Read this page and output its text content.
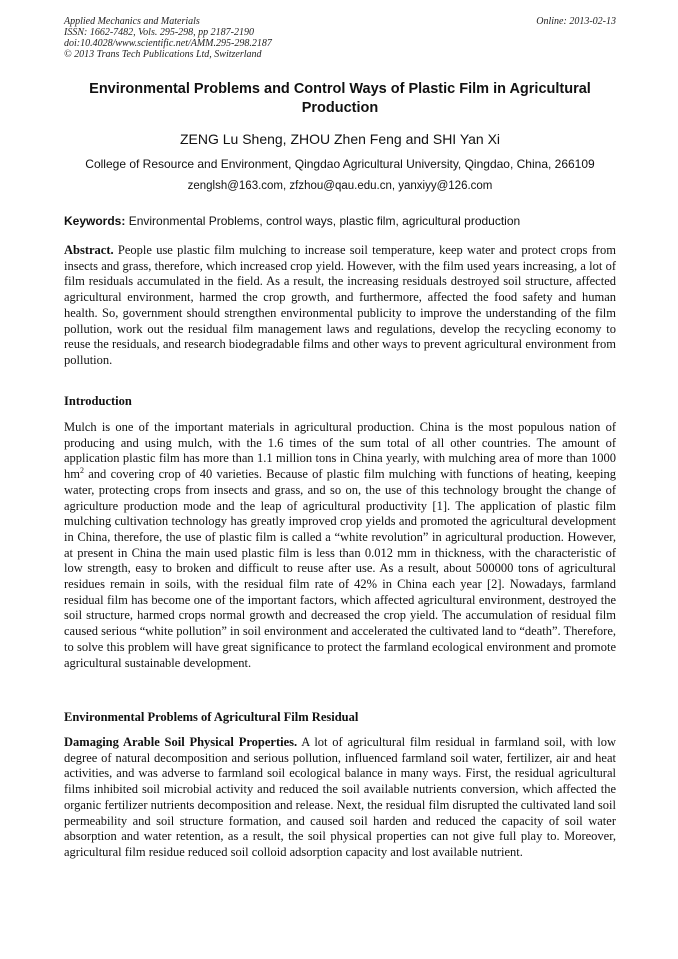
Applied Mechanics and Materials
ISSN: 1662-7482, Vols. 295-298, pp 2187-2190
doi:10.4028/www.scientific.net/AMM.295-298.2187
© 2013 Trans Tech Publications Ltd, Switzerland
Online: 2013-02-13
Environmental Problems and Control Ways of Plastic Film in Agricultural Production
ZENG Lu Sheng, ZHOU Zhen Feng and SHI Yan Xi
College of Resource and Environment, Qingdao Agricultural University, Qingdao, China, 266109
zenglsh@163.com, zfzhou@qau.edu.cn, yanxiyy@126.com
Keywords: Environmental Problems, control ways, plastic film, agricultural production
Abstract. People use plastic film mulching to increase soil temperature, keep water and protect crops from insects and grass, therefore, which increased crop yield. However, with the film used years increasing, a lot of film residuals accumulated in the field. As a result, the increasing residuals destroyed soil structure, affected agricultural environment, harmed the crop growth, and furthermore, affected the food safety and human health. So, government should strengthen environmental publicity to improve the understanding of the film pollution, work out the residual film management laws and regulations, develop the recycling economy to reuse the residuals, and research biodegradable films and other ways to prevent agricultural environment from pollution.
Introduction
Mulch is one of the important materials in agricultural production. China is the most populous nation of producing and using mulch, with the 1.6 times of the sum total of all other countries. The amount of application plastic film has more than 1.1 million tons in China yearly, with mulching area of more than 1000 $hm^2$ and covering crop of 40 varieties. Because of plastic film mulching with functions of heating, keeping water, protecting crops from insects and grass, and so on, the use of this technology brought the change of agriculture production mode and the leap of agricultural productivity [1]. The application of plastic film mulching cultivation technology has greatly improved crop yields and promoted the agricultural development in China, therefore, the use of plastic film is called a “white revolution” in agricultural production. However, at present in China the main used plastic film is less than 0.012 mm in thickness, with the characteristic of low strength, easy to broken and difficult to reuse after use. As a result, about 500000 tons of agricultural residues remain in soils, with the residual film rate of 42% in China each year [2]. Nowadays, farmland residual film has become one of the important factors, which affected agricultural environment, destroyed the soil structure, harmed crops normal growth and decreased the crop yield. The accumulation of residual film caused serious “white pollution” in soil environment and accelerated the cultivated land to “death”. Therefore, to solve this problem will have great significance to protect the farmland ecological environment and promote agricultural sustainable development.
Environmental Problems of Agricultural Film Residual
Damaging Arable Soil Physical Properties. A lot of agricultural film residual in farmland soil, with low degree of natural decomposition and serious pollution, influenced farmland soil water, fertilizer, air and heat activities, and was adverse to farmland soil ecological balance in many ways. First, the residual agricultural films inhibited soil microbial activity and reduced the soil available nutrients conversion, which affected the organic fertilizer nutrients decomposition and release. Next, the residual film disrupted the cultivated land soil permeability and soil structure formation, and caused soil harden and reduced the capacity of soil water absorption and water retention, as a result, the soil physical properties can not give full play to. Moreover, agricultural film residue reduced soil colloid adsorption capacity and lost available nutrient.
